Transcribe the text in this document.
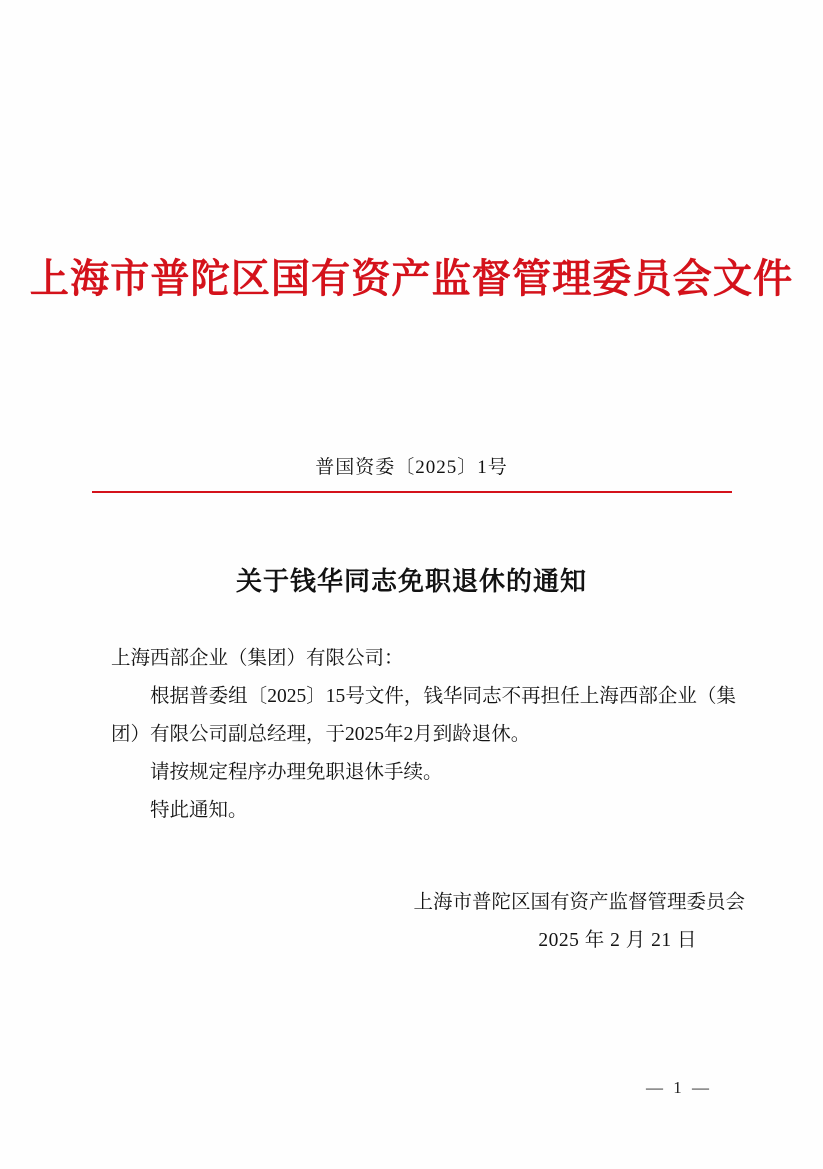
上海市普陀区国有资产监督管理委员会文件
普国资委〔2025〕1号
关于钱华同志免职退休的通知

上海西部企业（集团）有限公司：

根据普委组〔2025〕15号文件，钱华同志不再担任上海西部企业（集团）有限公司副总经理，于2025年2月到龄退休。

请按规定程序办理免职退休手续。

特此通知。

上海市普陀区国有资产监督管理委员会
2025 年 2 月 21 日
— 1 —
